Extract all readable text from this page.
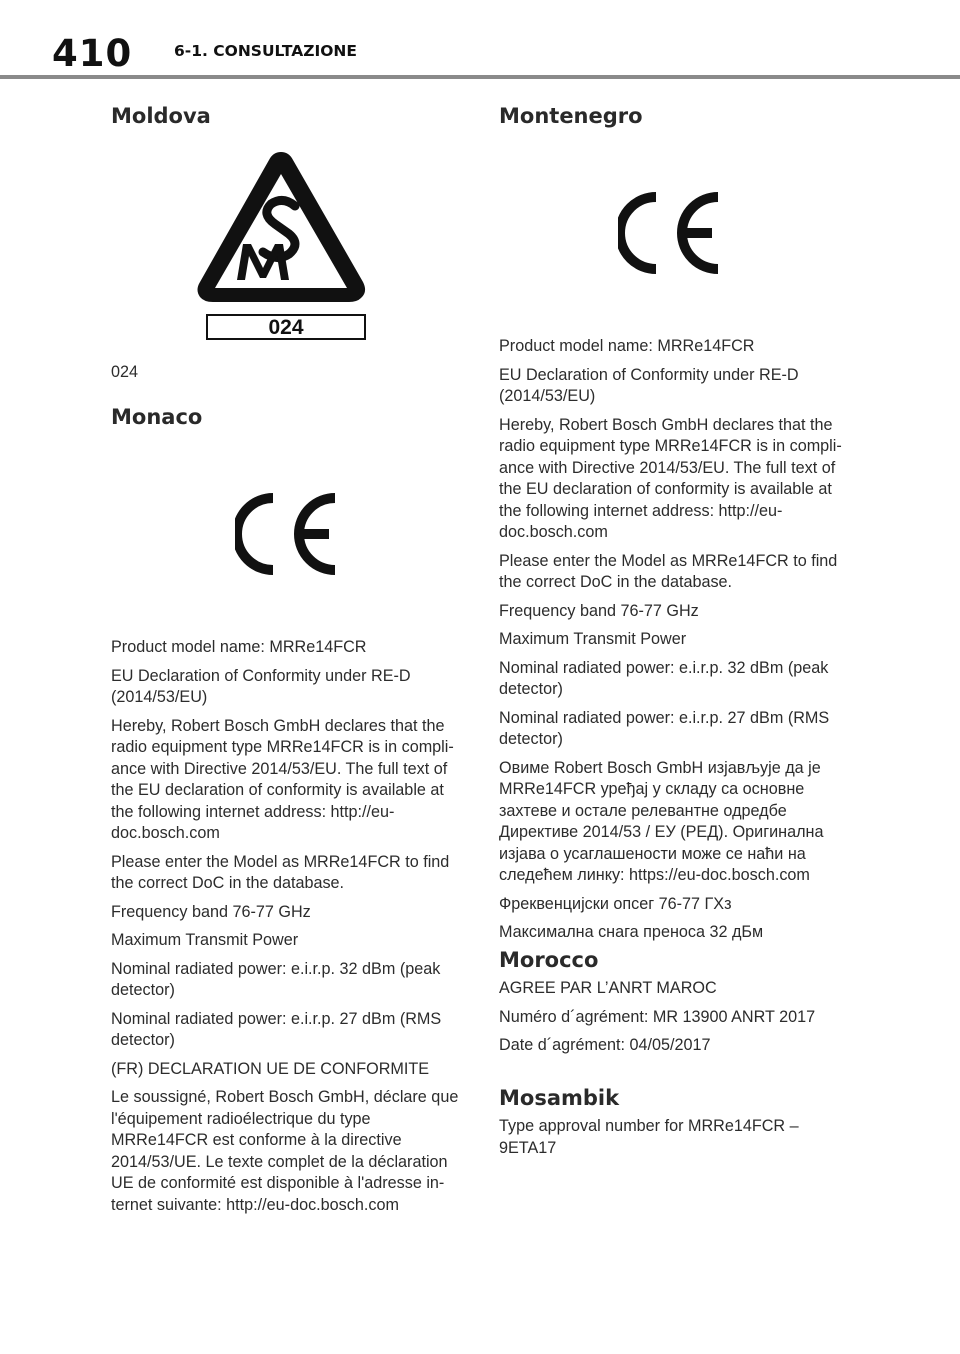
410	6-1. CONSULTAZIONE
Moldova
024

024

Monaco

Product model name: MRRe14FCR

EU Declaration of Conformity under RE-D (2014/53/EU)

Hereby, Robert Bosch GmbH declares that the radio equipment type MRRe14FCR is in compli-ance with Directive 2014/53/EU. The full text of the EU declaration of conformity is available at the following internet address: http://eu-doc.bosch.com

Please enter the Model as MRRe14FCR to find the correct DoC in the database.

Frequency band 76-77 GHz

Maximum Transmit Power

Nominal radiated power: e.i.r.p. 32 dBm (peak detector)

Nominal radiated power: e.i.r.p. 27 dBm (RMS detector)

(FR) DECLARATION UE DE CONFORMITE

Le soussigné, Robert Bosch GmbH, déclare que l'équipement radioélectrique du type MRRe14FCR est conforme à la directive 2014/53/UE. Le texte complet de la déclaration UE de conformité est disponible à l'adresse in-ternet suivante: http://eu-doc.bosch.com

Montenegro

Product model name: MRRe14FCR

EU Declaration of Conformity under RE-D (2014/53/EU)

Hereby, Robert Bosch GmbH declares that the radio equipment type MRRe14FCR is in compli-ance with Directive 2014/53/EU. The full text of the EU declaration of conformity is available at the following internet address: http://eu-doc.bosch.com

Please enter the Model as MRRe14FCR to find the correct DoC in the database.

Frequency band 76-77 GHz

Maximum Transmit Power

Nominal radiated power: e.i.r.p. 32 dBm (peak detector)

Nominal radiated power: e.i.r.p. 27 dBm (RMS detector)

Овиме Robert Bosch GmbH изјављује да је MRRe14FCR уређај у складу са основне захтеве и остале релевантне одредбе Директиве 2014/53 / ЕУ (РЕД). Оригинална изјава о усаглашености може се наћи на следећем линку: https://eu-doc.bosch.com

Фреквенцијски опсег 76-77 ГХз

Максимална снага преноса 32 дБм

Morocco

AGREE PAR L’ANRT MAROC

Numéro d´agrément: MR 13900 ANRT 2017

Date d´agrément: 04/05/2017

Mosambik

Type approval number for MRRe14FCR – 9ETA17
